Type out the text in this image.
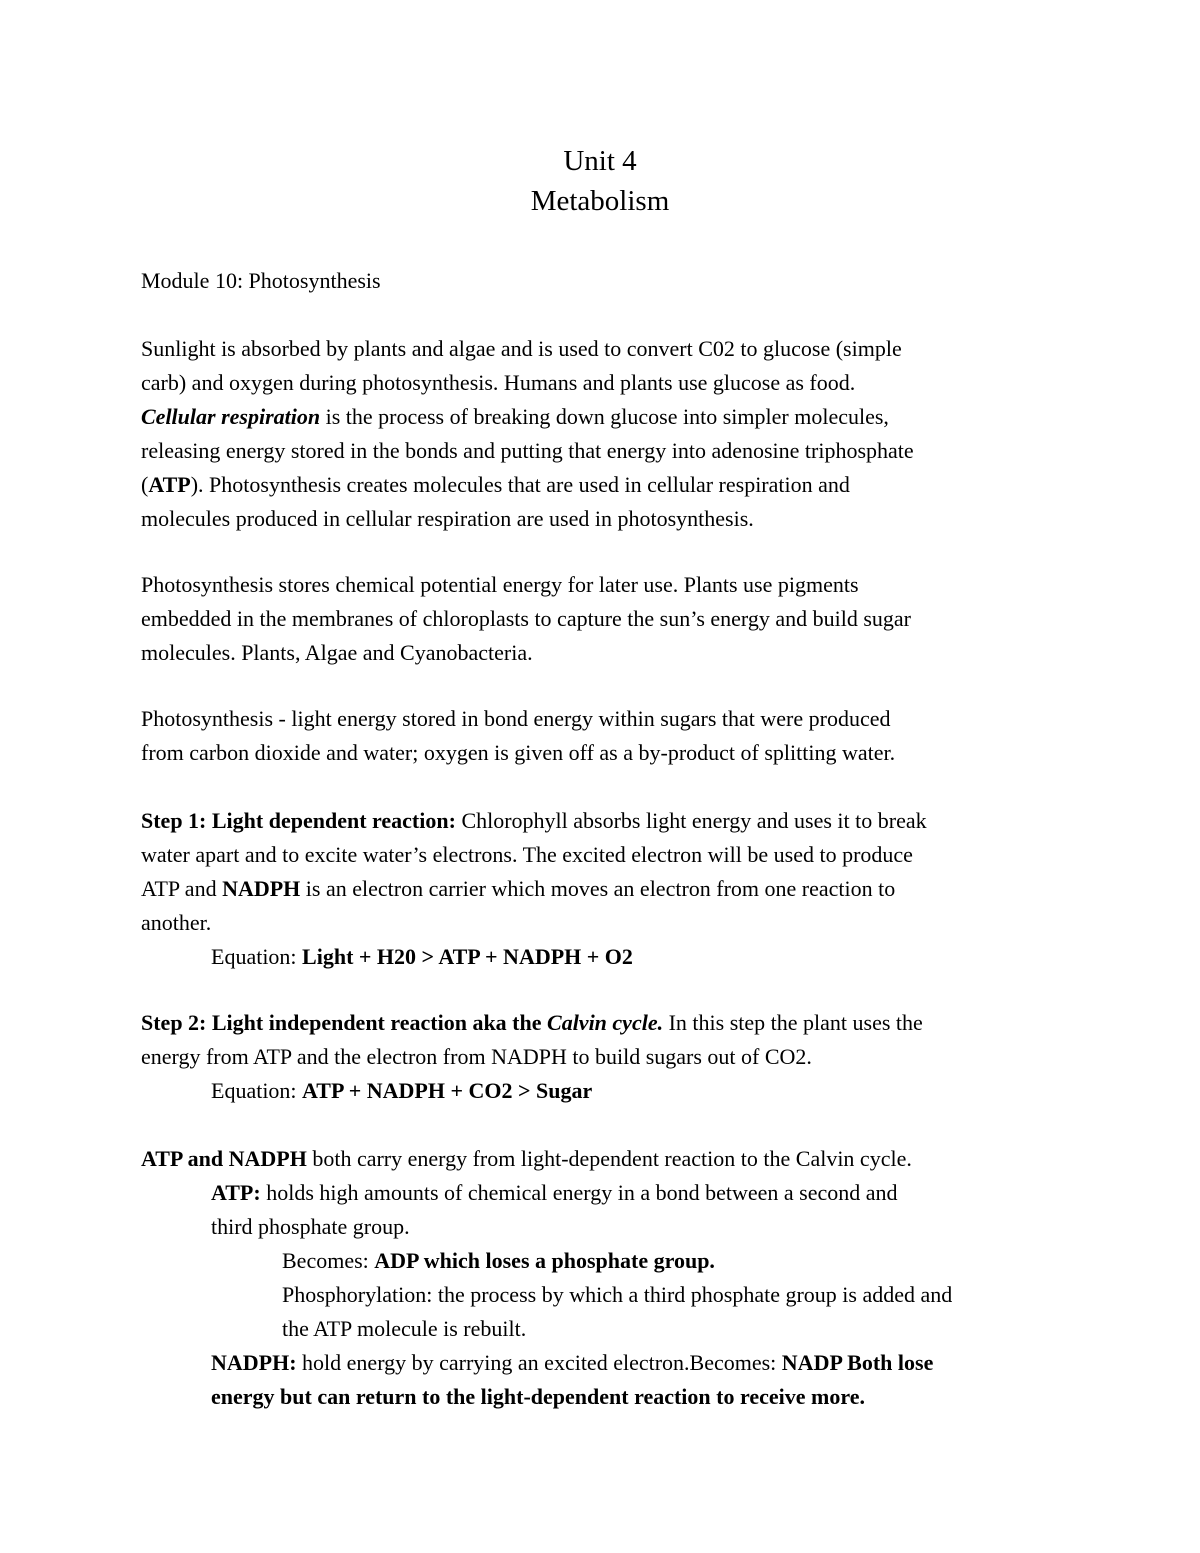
Unit 4
Metabolism
Module 10: Photosynthesis
Sunlight is absorbed by plants and algae and is used to convert C02 to glucose (simple
carb) and oxygen during photosynthesis. Humans and plants use glucose as food.
Cellular respiration is the process of breaking down glucose into simpler molecules,
releasing energy stored in the bonds and putting that energy into adenosine triphosphate
(ATP). Photosynthesis creates molecules that are used in cellular respiration and
molecules produced in cellular respiration are used in photosynthesis.
Photosynthesis stores chemical potential energy for later use. Plants use pigments
embedded in the membranes of chloroplasts to capture the sun’s energy and build sugar
molecules. Plants, Algae and Cyanobacteria.
Photosynthesis - light energy stored in bond energy within sugars that were produced
from carbon dioxide and water; oxygen is given off as a by-product of splitting water.
Step 1: Light dependent reaction: Chlorophyll absorbs light energy and uses it to break
water apart and to excite water’s electrons. The excited electron will be used to produce
ATP and NADPH is an electron carrier which moves an electron from one reaction to
another.
Equation: Light + H20 > ATP + NADPH + O2
Step 2: Light independent reaction aka the Calvin cycle. In this step the plant uses the
energy from ATP and the electron from NADPH to build sugars out of CO2.
Equation: ATP + NADPH + CO2 > Sugar
ATP and NADPH both carry energy from light-dependent reaction to the Calvin cycle.
ATP: holds high amounts of chemical energy in a bond between a second and
third phosphate group.
Becomes: ADP which loses a phosphate group.
Phosphorylation: the process by which a third phosphate group is added and
the ATP molecule is rebuilt.
NADPH: hold energy by carrying an excited electron.Becomes: NADP Both lose
energy but can return to the light-dependent reaction to receive more.
